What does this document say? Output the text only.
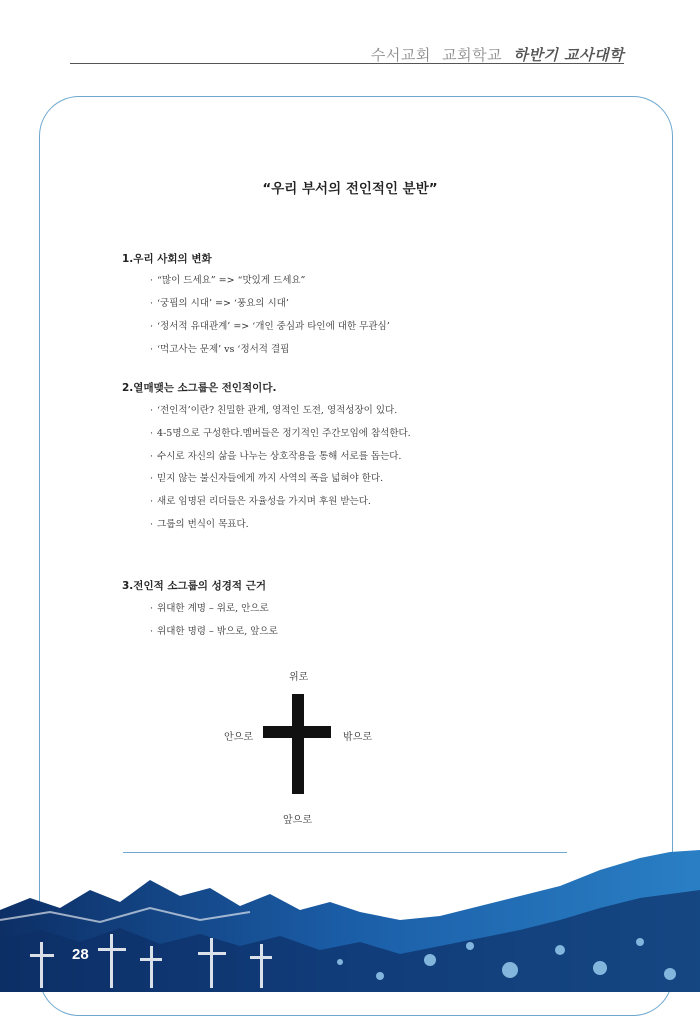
수서교회 교회학교 하반기 교사대학
“우리 부서의 전인적인 분반”
1.우리 사회의 변화
· “많이 드세요” => “맛있게 드세요”
· ‘궁핍의 시대’ => ‘풍요의 시대’
· ‘정서적 유대관계’ => ‘개인 중심과 타인에 대한 무관심’
· ‘먹고사는 문제’ vs ‘정서적 결핍
2.열매맺는 소그룹은 전인적이다.
· ‘전인적’이란? 친밀한 관계, 영적인 도전, 영적성장이 있다.
· 4-5명으로 구성한다.멤버들은 정기적인 주간모임에 참석한다.
· 수시로 자신의 삶을 나누는 상호작용을 통해 서로를 돕는다.
· 믿지 않는 불신자들에게 까지 사역의 폭을 넓혀야 한다.
· 새로 임명된 리더들은 자율성을 가지며 후원 받는다.
· 그룹의 번식이 목표다.
3.전인적 소그룹의 성경적 근거
· 위대한 계명 – 위로, 안으로
· 위대한 명령 – 밖으로, 앞으로
위로
안으로	밖으로
앞으로
28
